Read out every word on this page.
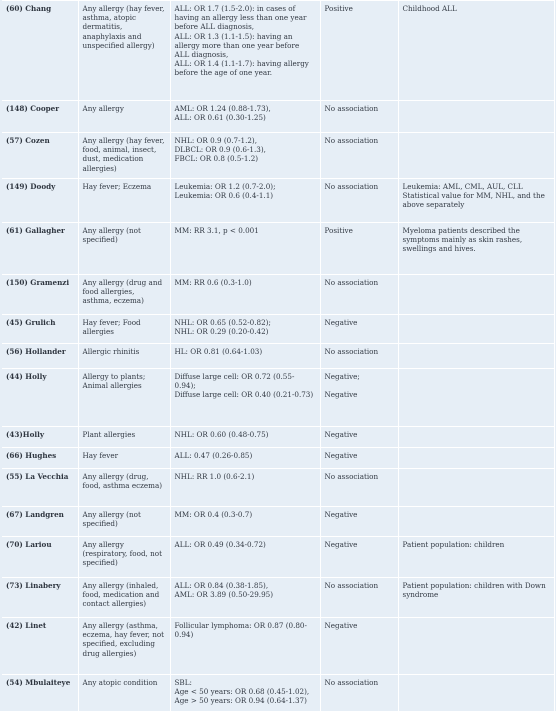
(60) Chang	Any allergy (hay fever, asthma, atopic dermatitis, anaphylaxis and unspecified allergy)	ALL: OR 1.7 (1.5-2.0): in cases of having an allergy less than one year before ALL diagnosis,
ALL: OR 1.3 (1.1-1.5): having an allergy more than one year before ALL diagnosis,
ALL: OR 1.4 (1.1-1.7): having allergy before the age of one year.	Positive	Childhood ALL
(148) Cooper	Any allergy	AML: OR 1.24 (0.88-1.73),
ALL: OR 0.61 (0.30-1.25)	No association	

(57) Cozen	Any allergy (hay fever, food, animal, insect, dust, medication allergies)	NHL: OR 0.9 (0.7-1.2),
DLBCL: OR 0.9 (0.6-1.3),
FBCL: OR 0.8 (0.5-1.2)	No association	

(149) Doody	Hay fever; Eczema	Leukemia: OR 1.2 (0.7-2.0);
Leukemia: OR 0.6 (0.4-1.1)	No association	Leukemia: AML, CML, AUL, CLL Statistical value for MM, NHL, and the above separately
(61) Gallagher	Any allergy (not specified)	MM: RR 3.1, p < 0.001	Positive	Myeloma patients described the symptoms mainly as skin rashes, swellings and hives.
(150) Gramenzi	Any allergy (drug and food allergies, asthma, eczema)	MM: RR 0.6 (0.3-1.0)	No association	

(45) Grulich	Hay fever; Food allergies	NHL: OR 0.65 (0.52-0.82);
NHL: OR 0.29 (0.20-0.42)	Negative	

(56) Hollander	Allergic rhinitis	HL: OR 0.81 (0.64-1.03)	No association	

(44) Holly	Allergy to plants; Animal allergies	Diffuse large cell: OR 0.72 (0.55-0.94);
Diffuse large cell: OR 0.40 (0.21-0.73)	Negative;
Negative	

(43)Holly	Plant allergies	NHL: OR 0.60 (0.48-0.75)	Negative	

(66) Hughes	Hay fever	ALL: 0.47 (0.26-0.85)	Negative	

(55) La Vecchia	Any allergy (drug, food, asthma eczema)	NHL: RR 1.0 (0.6-2.1)	No association	

(67) Landgren	Any allergy (not specified)	MM: OR 0.4 (0.3-0.7)	Negative	

(70) Lariou	Any allergy (respiratory, food, not specified)	ALL: OR 0.49 (0.34-0.72)	Negative	Patient population: children
(73) Linabery	Any allergy (inhaled, food, medication and contact allergies)	ALL: OR 0.84 (0.38-1.85),
AML: OR 3.89 (0.50-29.95)	No association	Patient population: children with Down syndrome
(42) Linet	Any allergy (asthma, eczema, hay fever, not specified, excluding drug allergies)	Follicular lymphoma: OR 0.87 (0.80-0.94)	Negative	

(54) Mbulaiteye	Any atopic condition	SBL:
Age < 50 years: OR 0.68 (0.45-1.02),
Age > 50 years: OR 0.94 (0.64-1.37)	No association	
